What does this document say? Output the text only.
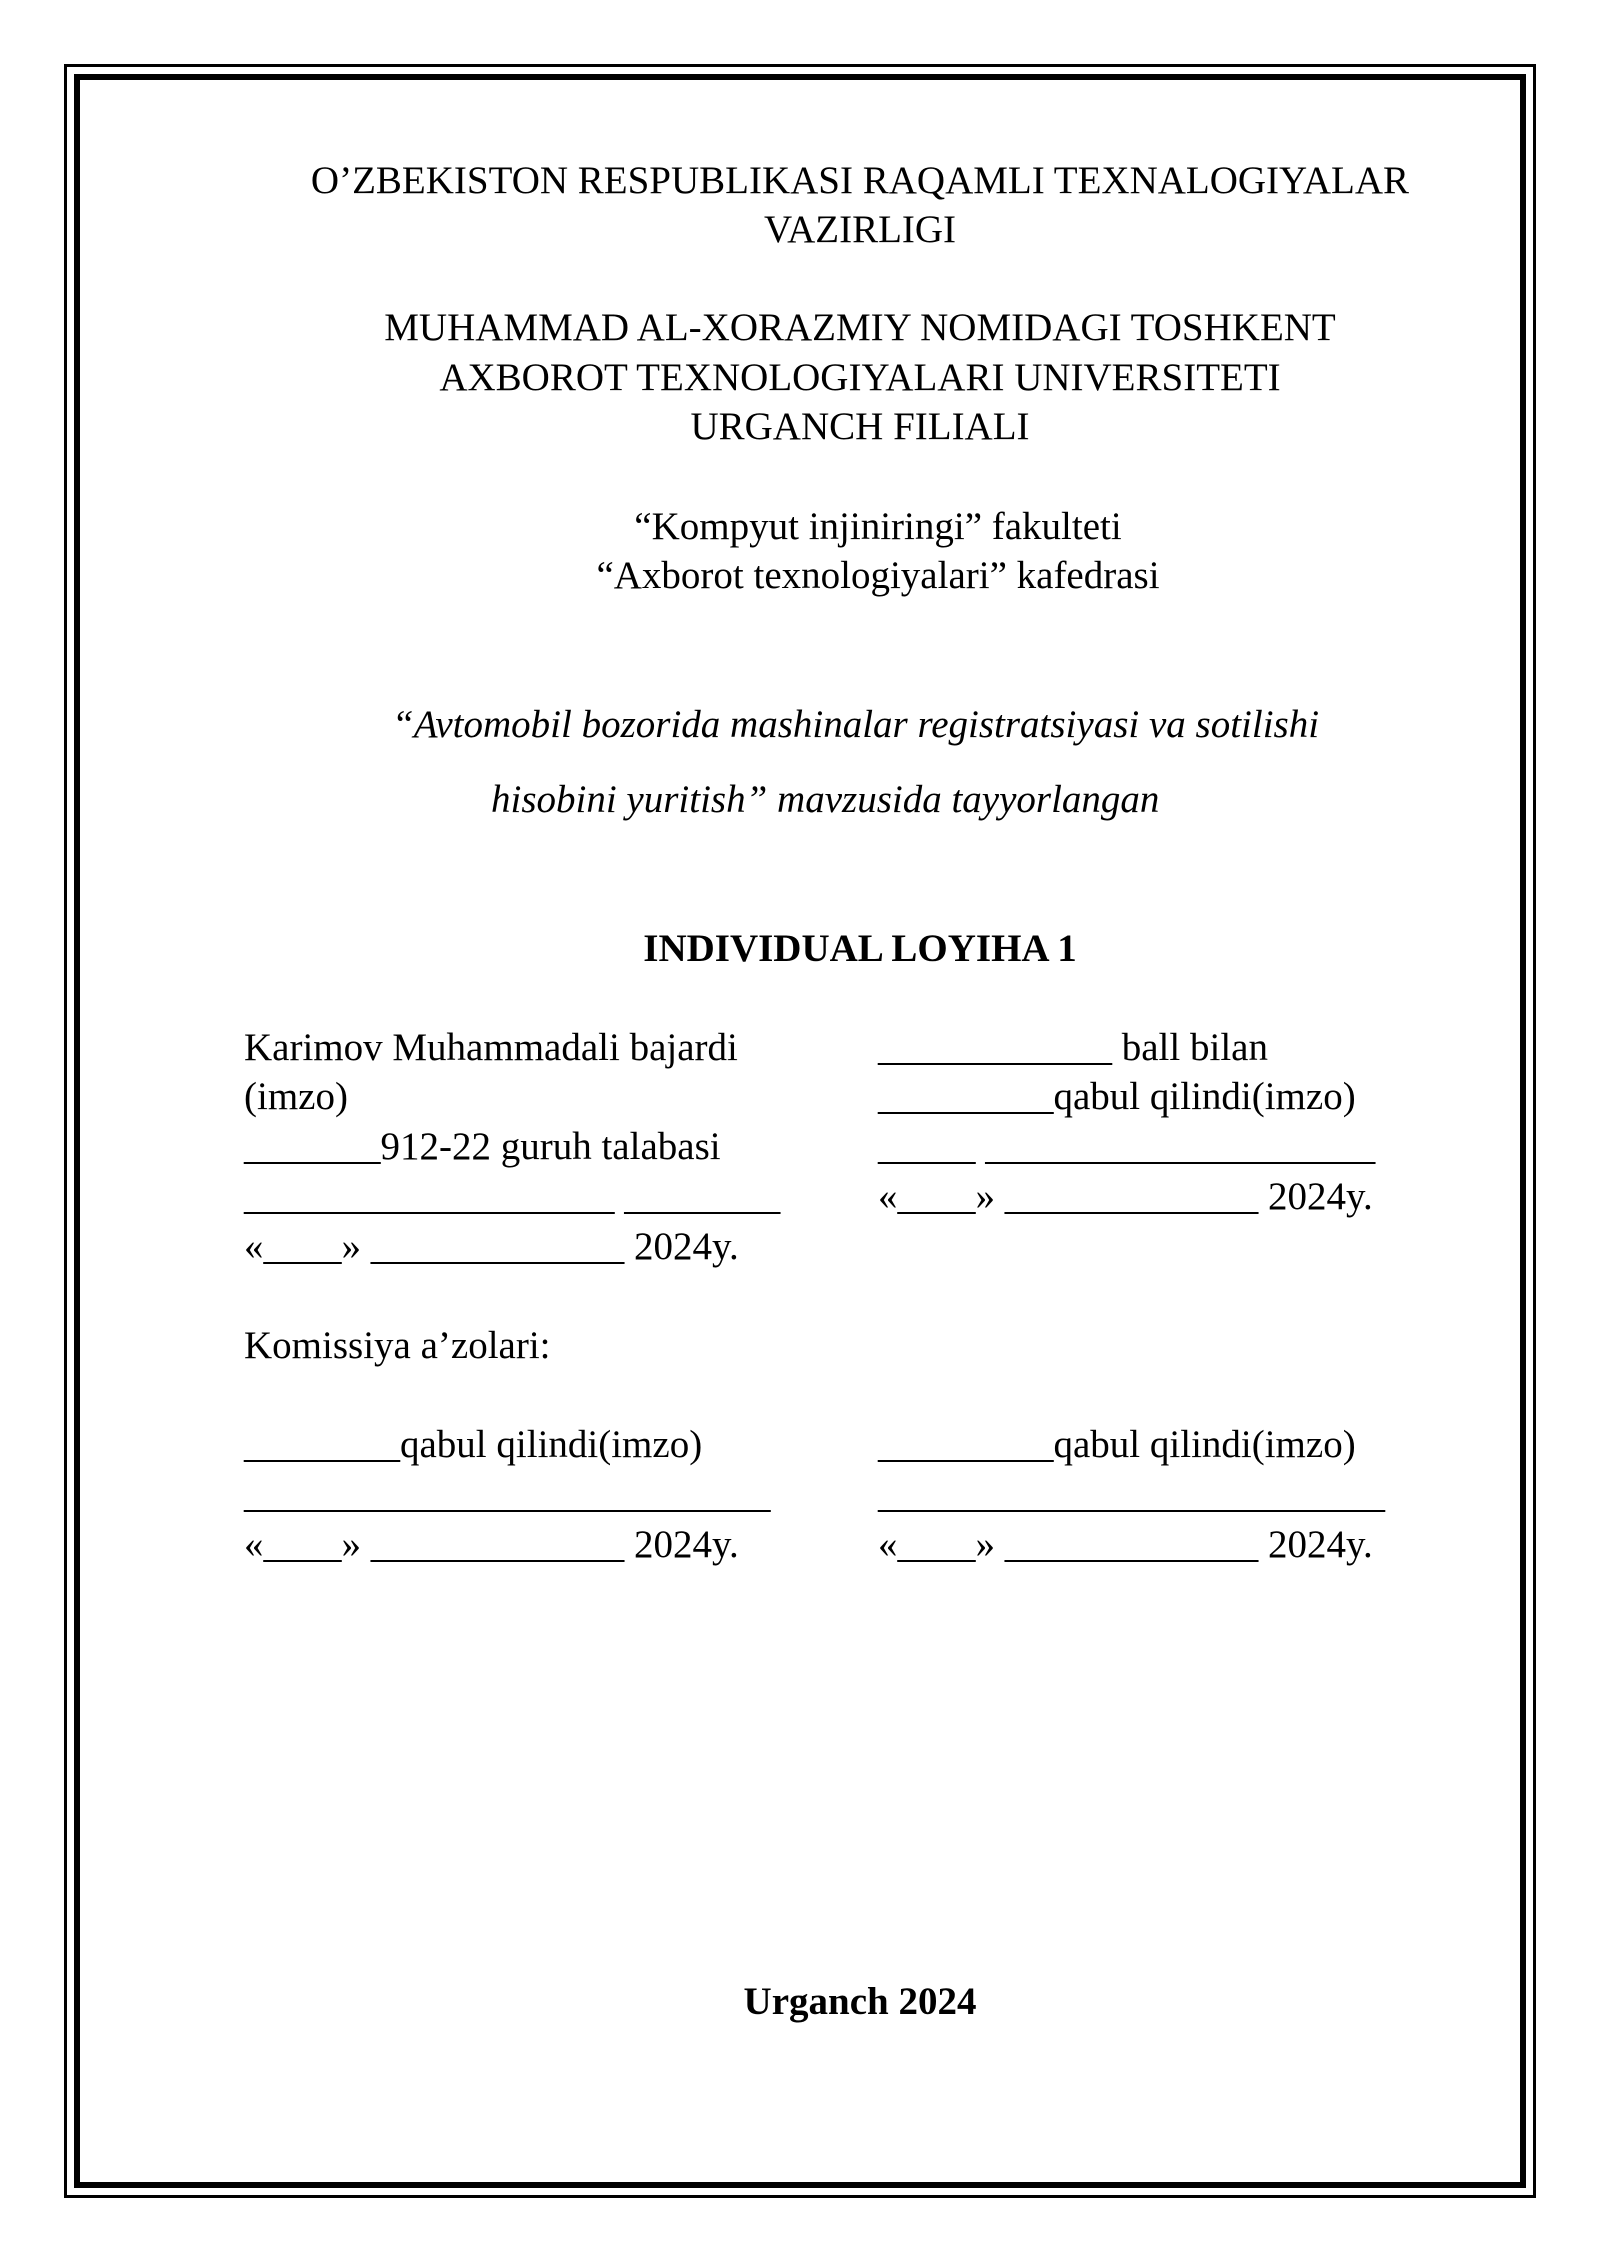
O’ZBEKISTON RESPUBLIKASI RAQAMLI TEXNALOGIYALAR
VAZIRLIGI
MUHAMMAD AL-XORAZMIY NOMIDAGI TOSHKENT
AXBOROT TEXNOLOGIYALARI UNIVERSITETI
URGANCH FILIALI
“Kompyut injiniringi” fakulteti
“Axborot texnologiyalari” kafedrasi
“Avtomobil bozorida mashinalar registratsiyasi va sotilishi
hisobini yuritish” mavzusida tayyorlangan
INDIVIDUAL LOYIHA 1
Karimov Muhammadali bajardi
(imzo)
_______912-22 guruh talabasi
___________________ ________
«____» _____________ 2024y.
____________ ball bilan
_________qabul qilindi(imzo)
_____ ____________________
«____» _____________ 2024y.
Komissiya a’zolari:
________qabul qilindi(imzo)
___________________________
«____» _____________ 2024y.
_________qabul qilindi(imzo)
__________________________
«____» _____________ 2024y.
Urganch 2024
